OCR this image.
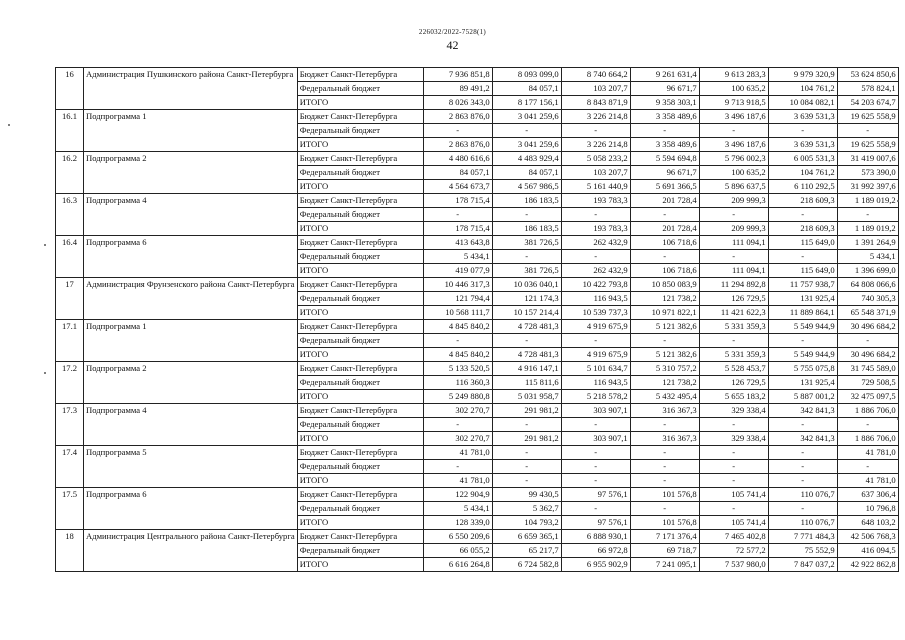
226032/2022-7528(1)
42
16	Администрация Пушкинского района Санкт-Петербурга	Бюджет Санкт-Петербурга	7 936 851,8	8 093 099,0	8 740 664,2	9 261 631,4	9 613 283,3	9 979 320,9	53 624 850,6
		Федеральный бюджет	89 491,2	84 057,1	103 207,7	96 671,7	100 635,2	104 761,2	578 824,1
		ИТОГО	8 026 343,0	8 177 156,1	8 843 871,9	9 358 303,1	9 713 918,5	10 084 082,1	54 203 674,7
16.1	Подпрограмма 1	Бюджет Санкт-Петербурга	2 863 876,0	3 041 259,6	3 226 214,8	3 358 489,6	3 496 187,6	3 639 531,3	19 625 558,9
		Федеральный бюджет	-	-	-	-	-	-	-
		ИТОГО	2 863 876,0	3 041 259,6	3 226 214,8	3 358 489,6	3 496 187,6	3 639 531,3	19 625 558,9
16.2	Подпрограмма 2	Бюджет Санкт-Петербурга	4 480 616,6	4 483 929,4	5 058 233,2	5 594 694,8	5 796 002,3	6 005 531,3	31 419 007,6
		Федеральный бюджет	84 057,1	84 057,1	103 207,7	96 671,7	100 635,2	104 761,2	573 390,0
		ИТОГО	4 564 673,7	4 567 986,5	5 161 440,9	5 691 366,5	5 896 637,5	6 110 292,5	31 992 397,6
16.3	Подпрограмма 4	Бюджет Санкт-Петербурга	178 715,4	186 183,5	193 783,3	201 728,4	209 999,3	218 609,3	1 189 019,2
		Федеральный бюджет	-	-	-	-	-	-	-
		ИТОГО	178 715,4	186 183,5	193 783,3	201 728,4	209 999,3	218 609,3	1 189 019,2
16.4	Подпрограмма 6	Бюджет Санкт-Петербурга	413 643,8	381 726,5	262 432,9	106 718,6	111 094,1	115 649,0	1 391 264,9
		Федеральный бюджет	5 434,1	-	-	-	-	-	5 434,1
		ИТОГО	419 077,9	381 726,5	262 432,9	106 718,6	111 094,1	115 649,0	1 396 699,0
17	Администрация Фрунзенского района Санкт-Петербурга	Бюджет Санкт-Петербурга	10 446 317,3	10 036 040,1	10 422 793,8	10 850 083,9	11 294 892,8	11 757 938,7	64 808 066,6
		Федеральный бюджет	121 794,4	121 174,3	116 943,5	121 738,2	126 729,5	131 925,4	740 305,3
		ИТОГО	10 568 111,7	10 157 214,4	10 539 737,3	10 971 822,1	11 421 622,3	11 889 864,1	65 548 371,9
17.1	Подпрограмма 1	Бюджет Санкт-Петербурга	4 845 840,2	4 728 481,3	4 919 675,9	5 121 382,6	5 331 359,3	5 549 944,9	30 496 684,2
		Федеральный бюджет	-	-	-	-	-	-	-
		ИТОГО	4 845 840,2	4 728 481,3	4 919 675,9	5 121 382,6	5 331 359,3	5 549 944,9	30 496 684,2
17.2	Подпрограмма 2	Бюджет Санкт-Петербурга	5 133 520,5	4 916 147,1	5 101 634,7	5 310 757,2	5 528 453,7	5 755 075,8	31 745 589,0
		Федеральный бюджет	116 360,3	115 811,6	116 943,5	121 738,2	126 729,5	131 925,4	729 508,5
		ИТОГО	5 249 880,8	5 031 958,7	5 218 578,2	5 432 495,4	5 655 183,2	5 887 001,2	32 475 097,5
17.3	Подпрограмма 4	Бюджет Санкт-Петербурга	302 270,7	291 981,2	303 907,1	316 367,3	329 338,4	342 841,3	1 886 706,0
		Федеральный бюджет	-	-	-	-	-	-	-
		ИТОГО	302 270,7	291 981,2	303 907,1	316 367,3	329 338,4	342 841,3	1 886 706,0
17.4	Подпрограмма 5	Бюджет Санкт-Петербурга	41 781,0	-	-	-	-	-	41 781,0
		Федеральный бюджет	-	-	-	-	-	-	-
		ИТОГО	41 781,0	-	-	-	-	-	41 781,0
17.5	Подпрограмма 6	Бюджет Санкт-Петербурга	122 904,9	99 430,5	97 576,1	101 576,8	105 741,4	110 076,7	637 306,4
		Федеральный бюджет	5 434,1	5 362,7	-	-	-	-	10 796,8
		ИТОГО	128 339,0	104 793,2	97 576,1	101 576,8	105 741,4	110 076,7	648 103,2
18	Администрация Центрального района Санкт-Петербурга	Бюджет Санкт-Петербурга	6 550 209,6	6 659 365,1	6 888 930,1	7 171 376,4	7 465 402,8	7 771 484,3	42 506 768,3
		Федеральный бюджет	66 055,2	65 217,7	66 972,8	69 718,7	72 577,2	75 552,9	416 094,5
		ИТОГО	6 616 264,8	6 724 582,8	6 955 902,9	7 241 095,1	7 537 980,0	7 847 037,2	42 922 862,8
